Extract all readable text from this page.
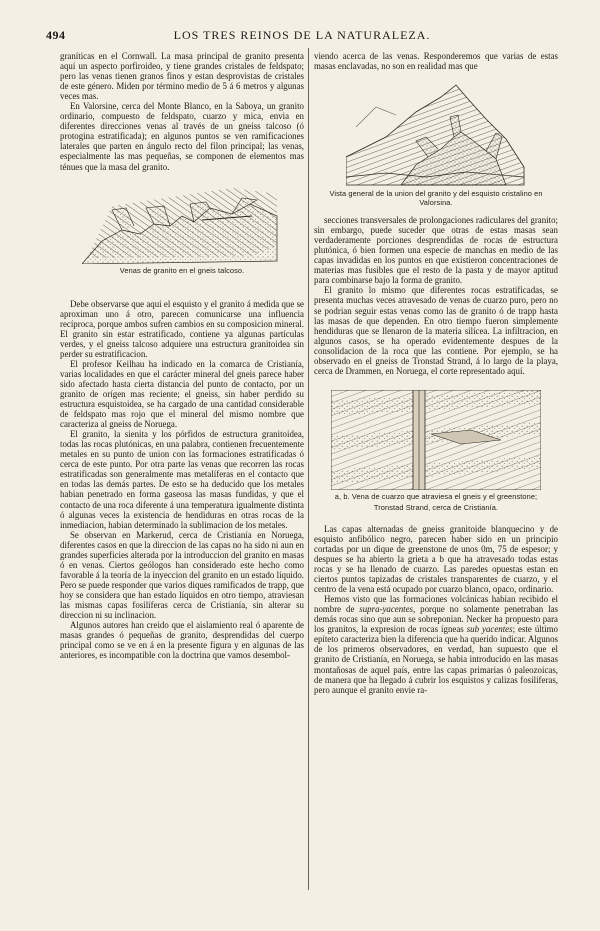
494	LOS TRES REINOS DE LA NATURALEZA.

graníticas en el Cornwall. La masa principal de granito presenta aquí un aspecto porfiroideo, y tiene grandes cristales de feldspato; pero las venas tienen granos finos y estan desprovistas de cristales de este género. Miden por término medio de 5 á 6 metros y algunas veces mas.

En Valorsine, cerca del Monte Blanco, en la Saboya, un granito ordinario, compuesto de feldspato, cuarzo y mica, envia en diferentes direcciones venas al través de un gneiss talcoso (ó protogina estratificada); en algunos puntos se ven ramificaciones laterales que parten en ángulo recto del filon principal; las venas, especialmente las mas pequeñas, se componen de elementos mas ténues que la masa del granito.

Venas de granito en el gneis talcoso.

Debe observarse que aquí el esquisto y el granito á medida que se aproximan uno á otro, parecen comunicarse una influencia recíproca, porque ambos sufren cambios en su composicion mineral. El granito sin estar estratificado, contiene ya algunas partículas verdes, y el gneiss talcoso adquiere una estructura granitoidea sin perder su estratificacion.

El profesor Keilhau ha indicado en la comarca de Cristianía, varias localidades en que el carácter mineral del gneis parece haber sido afectado hasta cierta distancia del punto de contacto, por un granito de orígen mas reciente; el gneiss, sin haber perdido su estructura esquistoidea, se ha cargado de una cantidad considerable de feldspato mas rojo que el mineral del mismo nombre que caracteriza al gneiss de Noruega.

El granito, la sienita y los pórfidos de estructura granitoidea, todas las rocas plutónicas, en una palabra, contienen frecuentemente metales en su punto de union con las formaciones estratificadas ó cerca de este punto. Por otra parte las venas que recorren las rocas estratificadas son generalmente mas metalíferas en el contacto que en todas las demás partes. De esto se ha deducido que los metales habian penetrado en forma gaseosa las masas fundidas, y que el contacto de una roca diferente á una temperatura igualmente distinta ó algunas veces la existencia de hendiduras en otras rocas de la inmediacion, habian determinado la sublimacion de los metales.

Se observan en Markerud, cerca de Cristianía en Noruega, diferentes casos en que la direccion de las capas no ha sido ni aun en grandes superficies alterada por la introduccion del granito en masas ó en venas. Ciertos geólogos han considerado este hecho como favorable á la teoría de la inyeccion del granito en un estado líquido. Pero se puede responder que varios diques ramificados de trapp, que hoy se considera que han estado líquidos en otro tiempo, atraviesan las mismas capas fosilíferas cerca de Cristianía, sin alterar su direccion ni su inclinacion.

Algunos autores han creido que el aislamiento real ó aparente de masas grandes ó pequeñas de granito, desprendidas del cuerpo principal como se ve en á en la presente figura y en algunas de las anteriores, es incompatible con la doctrina que vamos desembol-

viendo acerca de las venas. Responderemos que varias de estas masas enclavadas, no son en realidad mas que

Vista general de la union del granito y del esquisto cristalino en Valorsina.

secciones transversales de prolongaciones radiculares del granito; sin embargo, puede suceder que otras de estas masas sean verdaderamente porciones desprendidas de rocas de estructura plutónica, ó bien formen una especie de manchas en medio de las capas invadidas en los puntos en que existieron concentraciones de materias mas fusibles que el resto de la pasta y de mayor aptitud para combinarse bajo la forma de granito.

El granito lo mismo que diferentes rocas estratificadas, se presenta muchas veces atravesado de venas de cuarzo puro, pero no se podrian seguir estas venas como las de granito ó de trapp hasta las masas de que dependen. En otro tiempo fueron simplemente hendiduras que se llenaron de la materia silícea. La infiltracion, en algunos casos, se ha operado evidentemente despues de la consolidacion de la roca que las contiene. Por ejemplo, se ha observado en el gneiss de Tronstad Strand, á lo largo de la playa, cerca de Drammen, en Noruega, el corte representado aquí.

a, b. Vena de cuarzo que atraviesa el gneis y el greenstone;
Tronstad Strand, cerca de Cristianía.

Las capas alternadas de gneiss granitoide blanquecino y de esquisto anfibólico negro, parecen haber sido en un principio cortadas por un dique de greenstone de unos 0m, 75 de espesor; y despues se ha abierto la grieta a b que ha atravesado todas estas rocas y se ha llenado de cuarzo. Las paredes opuestas estan en ciertos puntos tapizadas de cristales transparentes de cuarzo, y el centro de la vena está ocupado por cuarzo blanco, opaco, ordinario.

Hemos visto que las formaciones volcánicas habian recibido el nombre de supra-yacentes, porque no solamente penetraban las demás rocas sino que aun se sobreponian. Necker ha propuesto para los granitos, la expresion de rocas ígneas sub yacentes; este último epíteto caracteriza bien la diferencia que ha querido indicar. Algunos de los primeros observadores, en verdad, han supuesto que el granito de Cristianía, en Noruega, se habia introducido en las masas montañosas de aquel país, entre las capas primarias ó paleozoicas, de manera que ha llegado á cubrir los esquistos y calizas fosilíferas, pero aunque el granito envie ra-
